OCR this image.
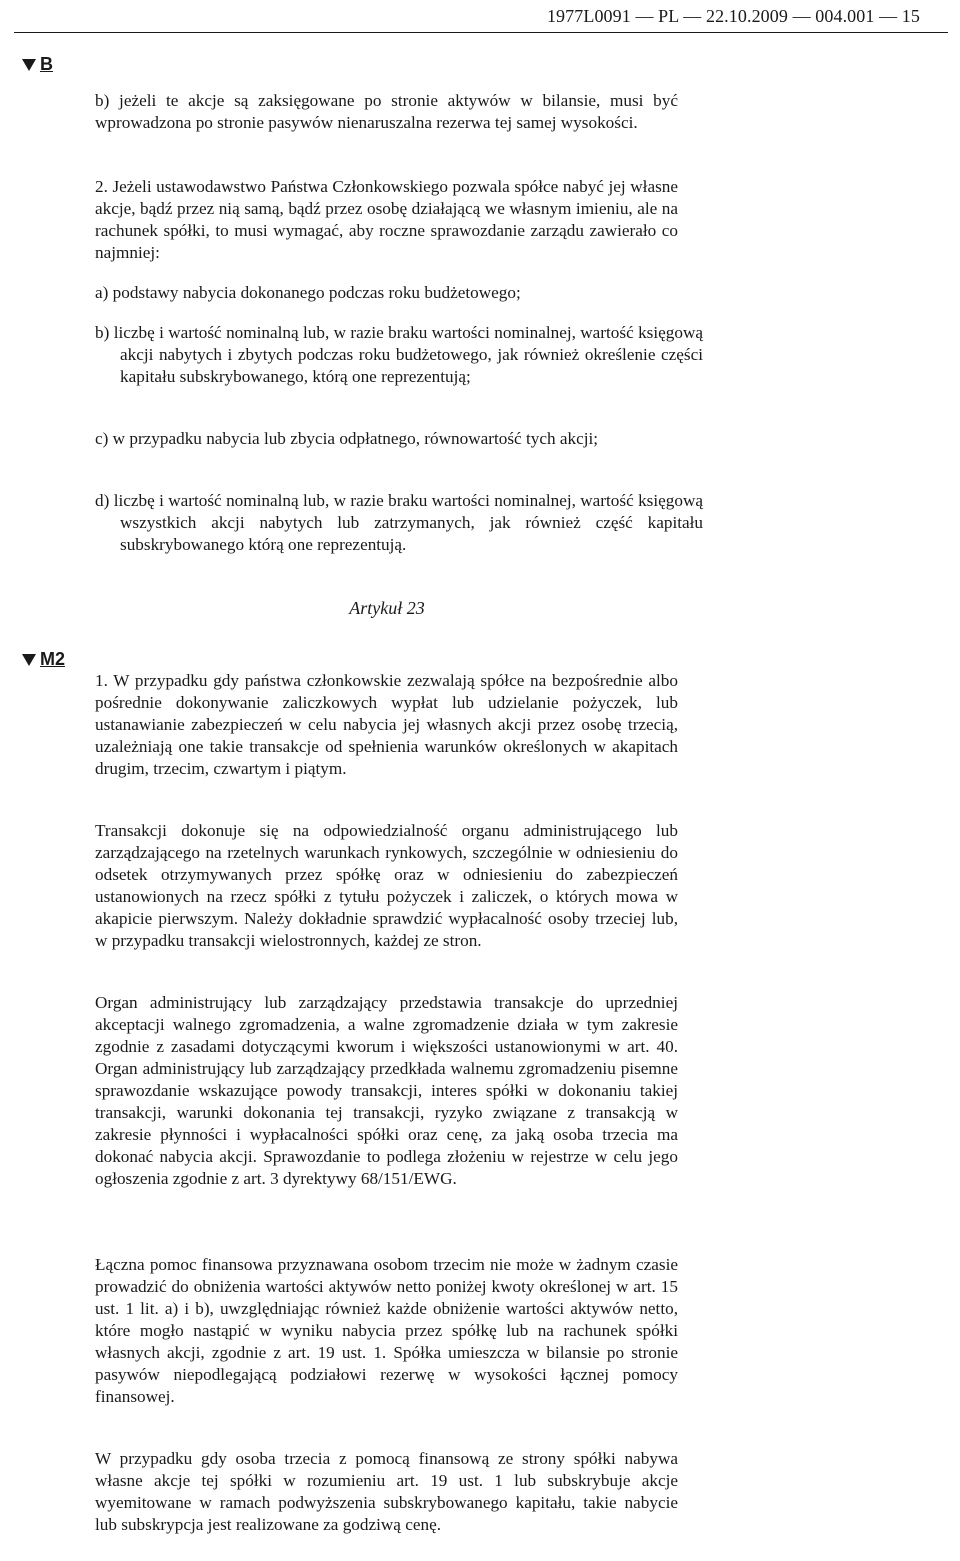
1977L0091 — PL — 22.10.2009 — 004.001 — 15
B

b) jeżeli te akcje są zaksięgowane po stronie aktywów w bilansie, musi być wprowadzona po stronie pasywów nienaruszalna rezerwa tej samej wysokości.

2. Jeżeli ustawodawstwo Państwa Członkowskiego pozwala spółce nabyć jej własne akcje, bądź przez nią samą, bądź przez osobę działającą we własnym imieniu, ale na rachunek spółki, to musi wymagać, aby roczne sprawozdanie zarządu zawierało co najmniej:

a) podstawy nabycia dokonanego podczas roku budżetowego;

b) liczbę i wartość nominalną lub, w razie braku wartości nominalnej, wartość księgową akcji nabytych i zbytych podczas roku budżetowego, jak również określenie części kapitału subskrybowanego, którą one reprezentują;

c) w przypadku nabycia lub zbycia odpłatnego, równowartość tych akcji;

d) liczbę i wartość nominalną lub, w razie braku wartości nominalnej, wartość księgową wszystkich akcji nabytych lub zatrzymanych, jak również część kapitału subskrybowanego którą one reprezentują.

Artykuł 23
M2

1. W przypadku gdy państwa członkowskie zezwalają spółce na bezpośrednie albo pośrednie dokonywanie zaliczkowych wypłat lub udzielanie pożyczek, lub ustanawianie zabezpieczeń w celu nabycia jej własnych akcji przez osobę trzecią, uzależniają one takie transakcje od spełnienia warunków określonych w akapitach drugim, trzecim, czwartym i piątym.

Transakcji dokonuje się na odpowiedzialność organu administrującego lub zarządzającego na rzetelnych warunkach rynkowych, szczególnie w odniesieniu do odsetek otrzymywanych przez spółkę oraz w odniesieniu do zabezpieczeń ustanowionych na rzecz spółki z tytułu pożyczek i zaliczek, o których mowa w akapicie pierwszym. Należy dokładnie sprawdzić wypłacalność osoby trzeciej lub, w przypadku transakcji wielostronnych, każdej ze stron.

Organ administrujący lub zarządzający przedstawia transakcje do uprzedniej akceptacji walnego zgromadzenia, a walne zgromadzenie działa w tym zakresie zgodnie z zasadami dotyczącymi kworum i większości ustanowionymi w art. 40. Organ administrujący lub zarządzający przedkłada walnemu zgromadzeniu pisemne sprawozdanie wskazujące powody transakcji, interes spółki w dokonaniu takiej transakcji, warunki dokonania tej transakcji, ryzyko związane z transakcją w zakresie płynności i wypłacalności spółki oraz cenę, za jaką osoba trzecia ma dokonać nabycia akcji. Sprawozdanie to podlega złożeniu w rejestrze w celu jego ogłoszenia zgodnie z art. 3 dyrektywy 68/151/EWG.

Łączna pomoc finansowa przyznawana osobom trzecim nie może w żadnym czasie prowadzić do obniżenia wartości aktywów netto poniżej kwoty określonej w art. 15 ust. 1 lit. a) i b), uwzględniając również każde obniżenie wartości aktywów netto, które mogło nastąpić w wyniku nabycia przez spółkę lub na rachunek spółki własnych akcji, zgodnie z art. 19 ust. 1. Spółka umieszcza w bilansie po stronie pasywów niepodlegającą podziałowi rezerwę w wysokości łącznej pomocy finansowej.

W przypadku gdy osoba trzecia z pomocą finansową ze strony spółki nabywa własne akcje tej spółki w rozumieniu art. 19 ust. 1 lub subskrybuje akcje wyemitowane w ramach podwyższenia subskrybowanego kapitału, takie nabycie lub subskrypcja jest realizowane za godziwą cenę.
